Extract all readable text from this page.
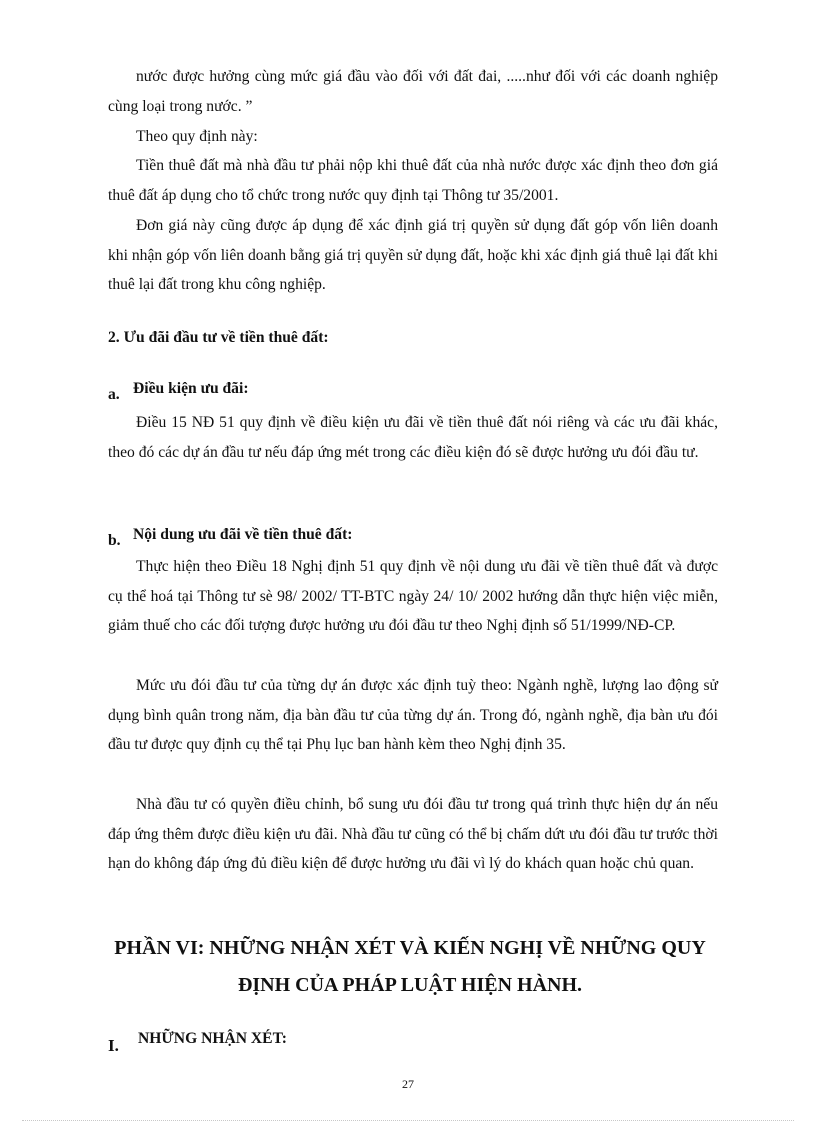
nước được hưởng cùng mức giá đầu vào đối với đất đai, .....như đối với các doanh nghiệp cùng loại trong nước. ”

Theo quy định này:

Tiền thuê đất mà nhà đầu tư phải nộp khi thuê đất của nhà nước được xác định theo đơn giá thuê đất áp dụng cho tổ chức trong nước quy định tại Thông tư 35/2001.

Đơn giá này cũng được áp dụng để xác định giá trị quyền sử dụng đất góp vốn liên doanh khi nhận góp vốn liên doanh bằng giá trị quyền sử dụng đất, hoặc khi xác định giá thuê lại đất khi thuê lại đất trong khu công nghiệp.

2. Ưu đãi đầu tư về tiền thuê đất:

a. Điều kiện ưu đãi:

Điều 15 NĐ 51 quy định về điều kiện ưu đãi về tiền thuê đất nói riêng và các ưu đãi khác, theo đó các dự án đầu tư nếu đáp ứng mét trong các điều kiện đó sẽ được hưởng ưu đói đầu tư.

b. Nội dung ưu đãi về tiền thuê đất:

Thực hiện theo Điều 18 Nghị định 51 quy định về nội dung ưu đãi về tiền thuê đất và được cụ thể hoá tại Thông tư sè 98/ 2002/ TT-BTC ngày 24/ 10/ 2002 hướng dẫn thực hiện việc miễn, giảm thuế cho các đối tượng được hưởng ưu đói đầu tư theo Nghị định số 51/1999/NĐ-CP.

Mức ưu đói đầu tư của từng dự án được xác định tuỳ theo: Ngành nghề, lượng lao động sử dụng bình quân trong năm, địa bàn đầu tư của từng dự án. Trong đó, ngành nghề, địa bàn ưu đói đầu tư được quy định cụ thể tại Phụ lục ban hành kèm theo Nghị định 35.

Nhà đầu tư có quyền điều chỉnh, bổ sung ưu đói đầu tư trong quá trình thực hiện dự án nếu đáp ứng thêm được điều kiện ưu đãi. Nhà đầu tư cũng có thể bị chấm dứt ưu đói đầu tư trước thời hạn do không đáp ứng đủ điều kiện để được hưởng ưu đãi vì lý do khách quan hoặc chủ quan.

PHẦN VI: NHỮNG NHẬN XÉT VÀ KIẾN NGHỊ VỀ NHỮNG QUY

ĐỊNH CỦA PHÁP LUẬT HIỆN HÀNH.

I. NHỮNG NHẬN XÉT:
27
